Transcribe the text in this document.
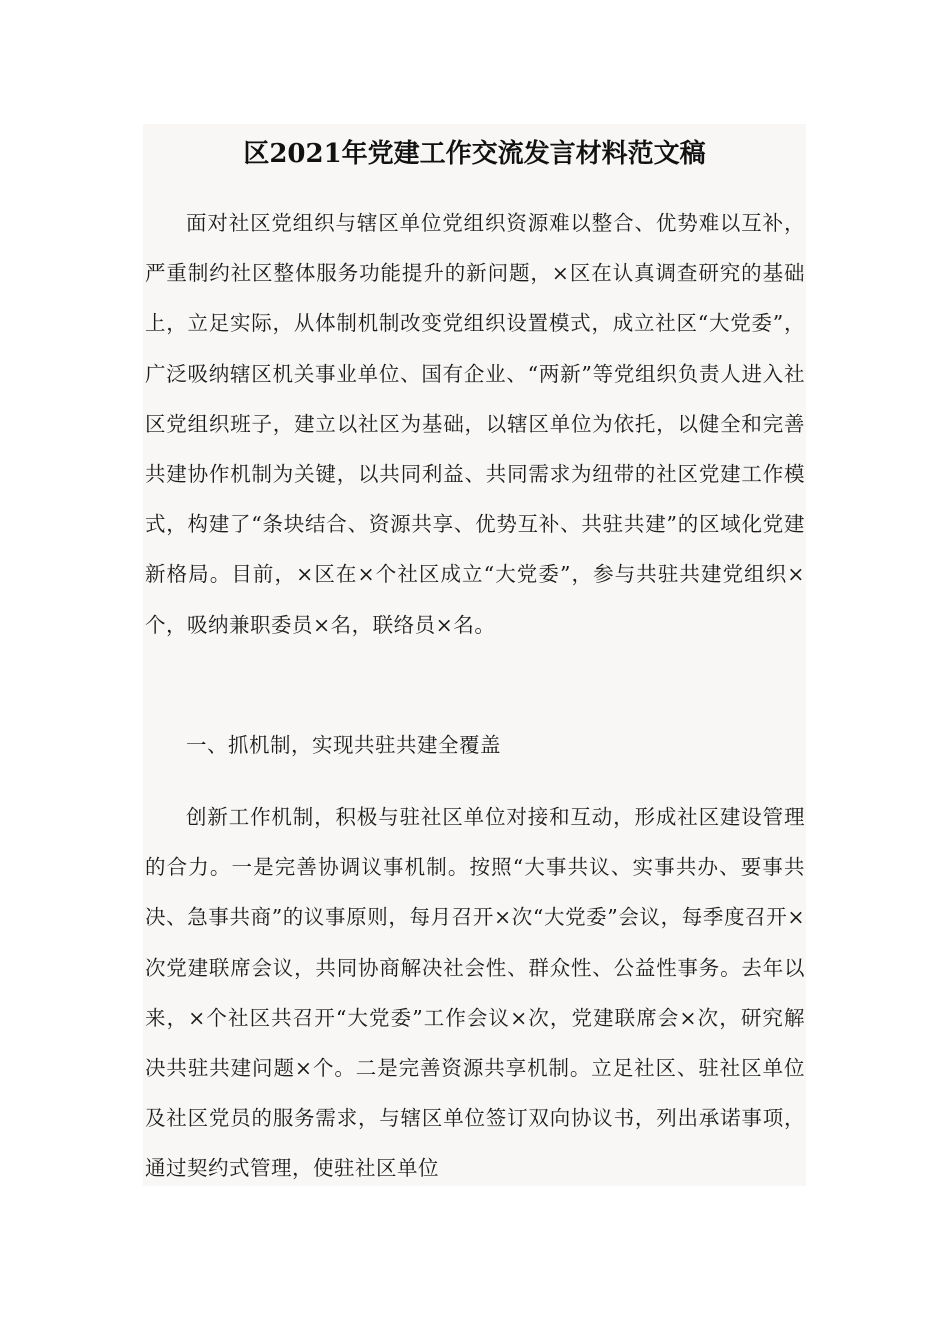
区2021年党建工作交流发言材料范文稿

面对社区党组织与辖区单位党组织资源难以整合、优势难以互补，严重制约社区整体服务功能提升的新问题，×区在认真调查研究的基础上，立足实际，从体制机制改变党组织设置模式，成立社区“大党委”，广泛吸纳辖区机关事业单位、国有企业、“两新”等党组织负责人进入社区党组织班子，建立以社区为基础，以辖区单位为依托，以健全和完善共建协作机制为关键，以共同利益、共同需求为纽带的社区党建工作模式，构建了“条块结合、资源共享、优势互补、共驻共建”的区域化党建新格局。目前，×区在×个社区成立“大党委”，参与共驻共建党组织×个，吸纳兼职委员×名，联络员×名。

一、抓机制，实现共驻共建全覆盖

创新工作机制，积极与驻社区单位对接和互动，形成社区建设管理的合力。一是完善协调议事机制。按照“大事共议、实事共办、要事共决、急事共商”的议事原则，每月召开×次“大党委”会议，每季度召开×次党建联席会议，共同协商解决社会性、群众性、公益性事务。去年以来，×个社区共召开“大党委”工作会议×次，党建联席会×次，研究解决共驻共建问题×个。二是完善资源共享机制。立足社区、驻社区单位及社区党员的服务需求，与辖区单位签订双向协议书，列出承诺事项，通过契约式管理，使驻社区单位
